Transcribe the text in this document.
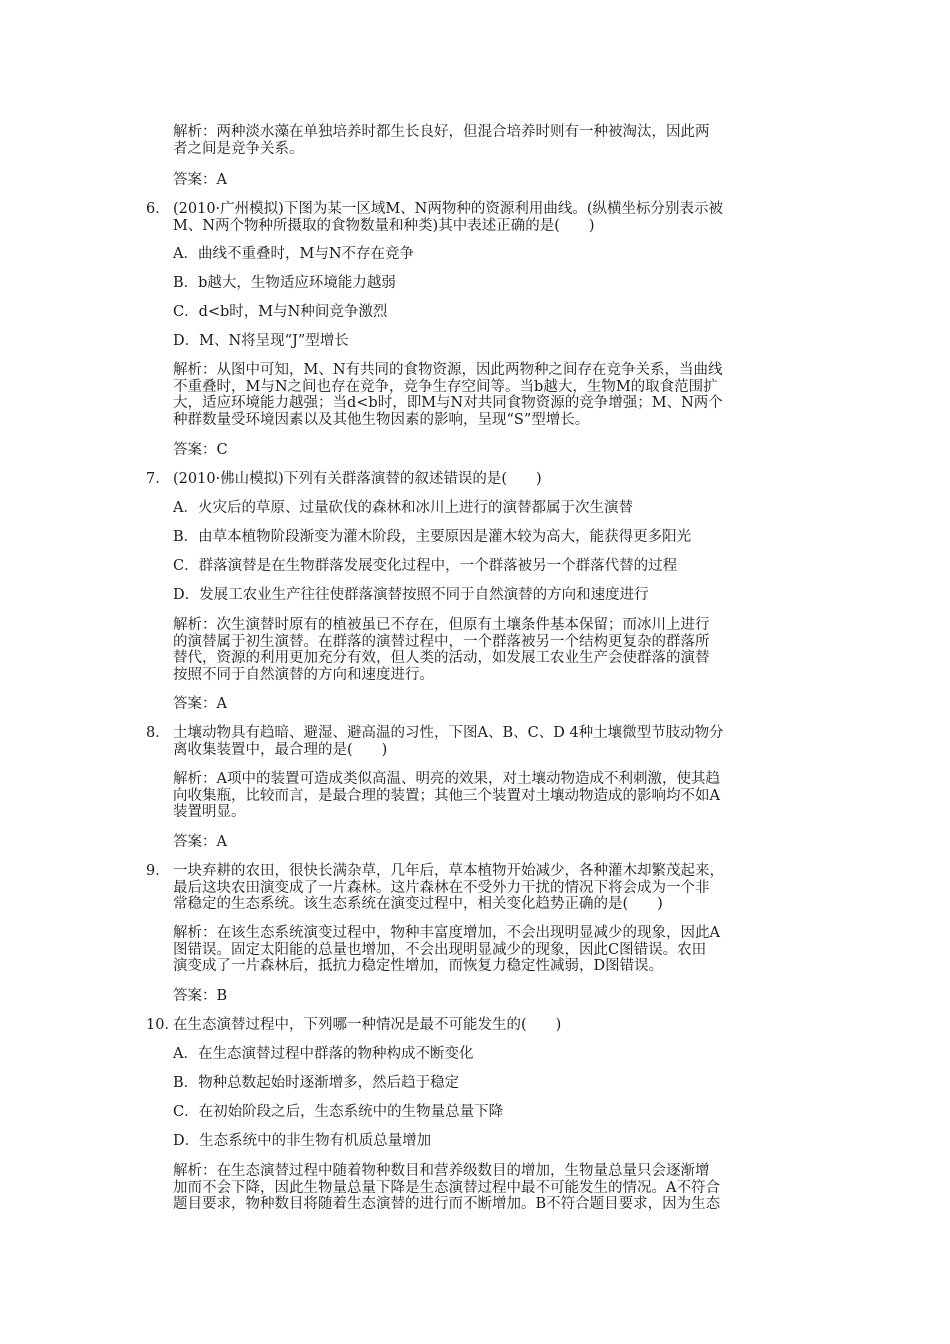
解析：两种淡水藻在单独培养时都生长良好，但混合培养时则有一种被淘汰，因此两
者之间是竞争关系。
答案：A
6． (2010·广州模拟)下图为某一区域M、N两物种的资源利用曲线。(纵横坐标分别表示被
M、N两个物种所摄取的食物数量和种类)其中表述正确的是(　　)
A．曲线不重叠时，M与N不存在竞争
B．b越大，生物适应环境能力越弱
C．d<b时，M与N种间竞争激烈
D．M、N将呈现“J”型增长
解析：从图中可知，M、N有共同的食物资源，因此两物种之间存在竞争关系，当曲线
不重叠时，M与N之间也存在竞争，竞争生存空间等。当b越大，生物M的取食范围扩
大，适应环境能力越强；当d<b时，即M与N对共同食物资源的竞争增强；M、N两个
种群数量受环境因素以及其他生物因素的影响，呈现“S”型增长。
答案：C
7． (2010·佛山模拟)下列有关群落演替的叙述错误的是(　　)
A．火灾后的草原、过量砍伐的森林和冰川上进行的演替都属于次生演替
B．由草本植物阶段渐变为灌木阶段，主要原因是灌木较为高大，能获得更多阳光
C．群落演替是在生物群落发展变化过程中，一个群落被另一个群落代替的过程
D．发展工农业生产往往使群落演替按照不同于自然演替的方向和速度进行
解析：次生演替时原有的植被虽已不存在，但原有土壤条件基本保留；而冰川上进行
的演替属于初生演替。在群落的演替过程中，一个群落被另一个结构更复杂的群落所
替代，资源的利用更加充分有效，但人类的活动，如发展工农业生产会使群落的演替
按照不同于自然演替的方向和速度进行。
答案：A
8． 土壤动物具有趋暗、避湿、避高温的习性，下图A、B、C、D 4种土壤微型节肢动物分
离收集装置中，最合理的是(　　)
解析：A项中的装置可造成类似高温、明亮的效果，对土壤动物造成不利刺激，使其趋
向收集瓶，比较而言，是最合理的装置；其他三个装置对土壤动物造成的影响均不如A
装置明显。
答案：A
9． 一块弃耕的农田，很快长满杂草，几年后，草本植物开始减少，各种灌木却繁茂起来，
最后这块农田演变成了一片森林。这片森林在不受外力干扰的情况下将会成为一个非
常稳定的生态系统。该生态系统在演变过程中，相关变化趋势正确的是(　　)
解析：在该生态系统演变过程中，物种丰富度增加，不会出现明显减少的现象，因此A
图错误。固定太阳能的总量也增加，不会出现明显减少的现象，因此C图错误。农田
演变成了一片森林后，抵抗力稳定性增加，而恢复力稳定性减弱，D图错误。
答案：B
10．在生态演替过程中，下列哪一种情况是最不可能发生的(　　)
A．在生态演替过程中群落的物种构成不断变化
B．物种总数起始时逐渐增多，然后趋于稳定
C．在初始阶段之后，生态系统中的生物量总量下降
D．生态系统中的非生物有机质总量增加
解析：在生态演替过程中随着物种数目和营养级数目的增加，生物量总量只会逐渐增
加而不会下降，因此生物量总量下降是生态演替过程中最不可能发生的情况。A不符合
题目要求，物种数目将随着生态演替的进行而不断增加。B不符合题目要求，因为生态
